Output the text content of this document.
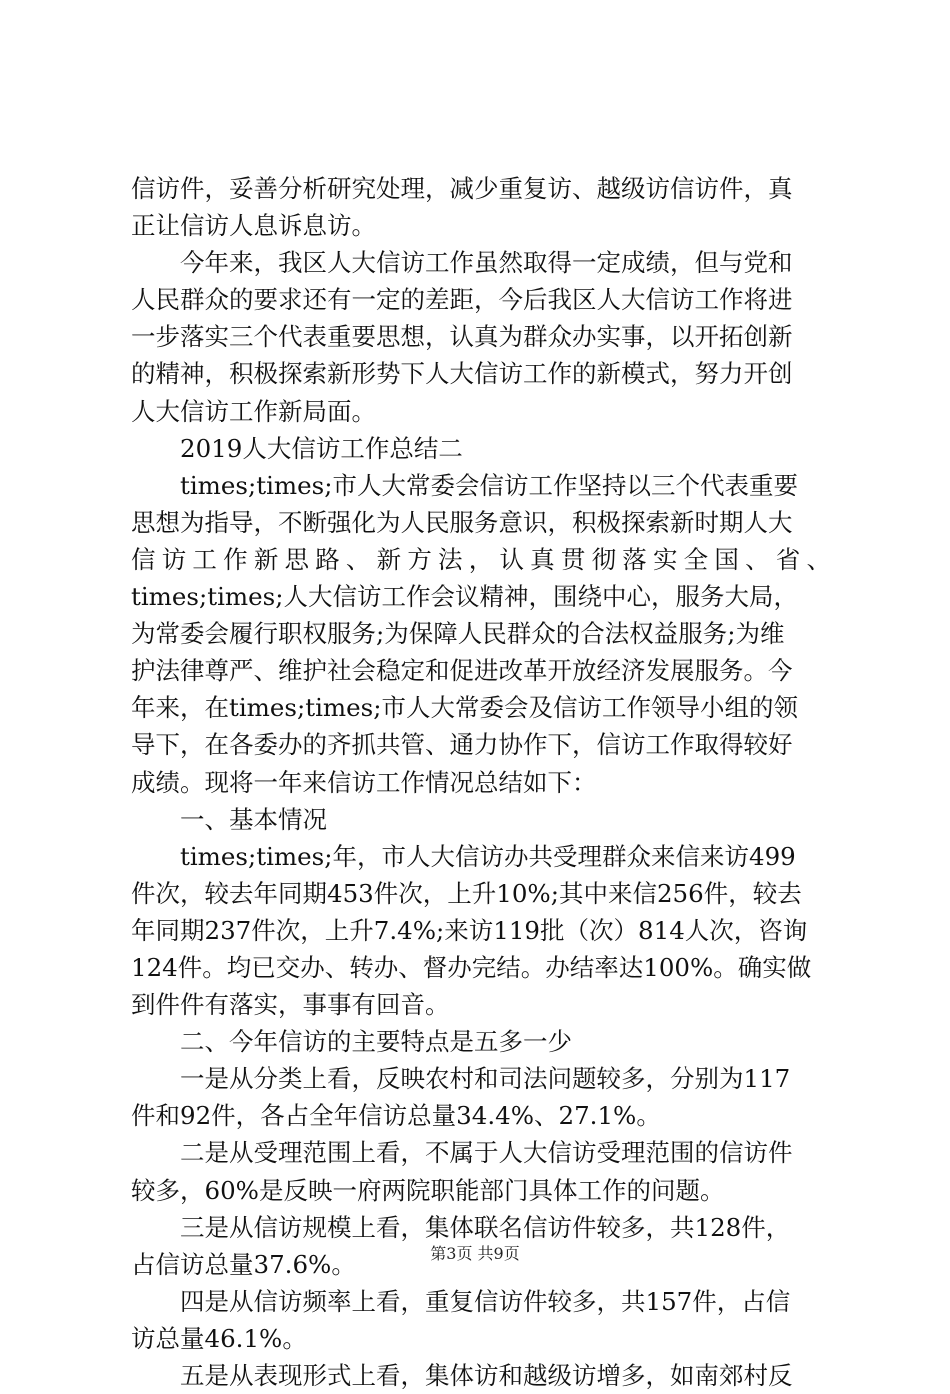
信访件，妥善分析研究处理，减少重复访、越级访信访件，真
正让信访人息诉息访。
今年来，我区人大信访工作虽然取得一定成绩，但与党和
人民群众的要求还有一定的差距，今后我区人大信访工作将进
一步落实三个代表重要思想，认真为群众办实事，以开拓创新
的精神，积极探索新形势下人大信访工作的新模式，努力开创
人大信访工作新局面。
2019人大信访工作总结二
times;times;市人大常委会信访工作坚持以三个代表重要
思想为指导，不断强化为人民服务意识，积极探索新时期人大
信访工作新思路、新方法，认真贯彻落实全国、省、
times;times;人大信访工作会议精神，围绕中心，服务大局，
为常委会履行职权服务;为保障人民群众的合法权益服务;为维
护法律尊严、维护社会稳定和促进改革开放经济发展服务。今
年来，在times;times;市人大常委会及信访工作领导小组的领
导下，在各委办的齐抓共管、通力协作下，信访工作取得较好
成绩。现将一年来信访工作情况总结如下：
一、基本情况
times;times;年，市人大信访办共受理群众来信来访499
件次，较去年同期453件次，上升10%;其中来信256件，较去
年同期237件次，上升7.4%;来访119批（次）814人次，咨询
124件。均已交办、转办、督办完结。办结率达100%。确实做
到件件有落实，事事有回音。
二、今年信访的主要特点是五多一少
一是从分类上看，反映农村和司法问题较多，分别为117
件和92件，各占全年信访总量34.4%、27.1%。
二是从受理范围上看，不属于人大信访受理范围的信访件
较多，60%是反映一府两院职能部门具体工作的问题。
三是从信访规模上看，集体联名信访件较多，共128件，
占信访总量37.6%。
四是从信访频率上看，重复信访件较多，共157件，占信
访总量46.1%。
五是从表现形式上看，集体访和越级访增多，如南郊村反
第3页 共9页
